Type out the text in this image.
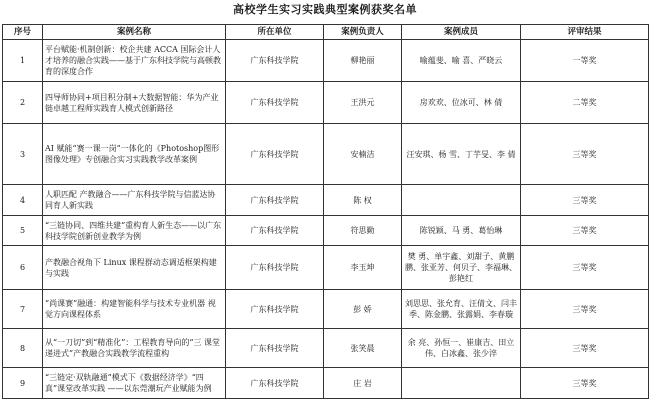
高校学生实习实践典型案例获奖名单
序号	案例名称	所在单位	案例负责人	案例成员	评审结果
1	平台赋能·机制创新：校企共建 ACCA 国际会计人才培养的融合实践——基于广东科技学院与高顿教育的深度合作	广东科技学院	柳艳丽	喻蕴斐、喻 喜、严晓云	一等奖
2	四导师协同+项目积分制+大数据智能：华为产业链卓越工程师实践育人模式创新路径	广东科技学院	王洪元	房欢欢、位冰可、林 倩	二等奖
3	AI 赋能“赛一课一岗”一体化的《Photoshop图形图像处理》专创融合实习实践教学改革案例	广东科技学院	安楠洁	汪安琪、杨 雪、丁芋旻、李 倩	三等奖
4	人职匹配 产教融合——广东科技学院与信蓝达协同育人新实践	广东科技学院	陈 权		三等奖
5	“三链协同、四维共建”重构育人新生态——以广东科技学院创新创业教学为例	广东科技学院	符思勤	陈锐颖、马 勇、葛怡琳	三等奖
6	产教融合视角下 Linux 课程群动态调适框架构建与实践	广东科技学院	李玉坤	樊 勇、单宇鑫、刘甜子、黄鹏鹏、张亚芳、何贝子、李福琳、彭艳红	三等奖
7	“尚课赛”融通：构建智能科学与技术专业机器 视觉方向课程体系	广东科技学院	彭 娇	刘思思、张允育、汪倩文、闫丰季、陈金鹏、张露娟、李春璇	三等奖
8	从“一刀切”到“精准化”：工程教育导向的“三 课堂递进式”产教融合实践教学流程重构	广东科技学院	张笑晨	余 亮、孙恒一、崔康吉、田立伟、白冰鑫、张少淬	三等奖
9	“三链定·双轨融通”模式下《数据经济学》“四真”课堂改革实践 ——以东莞潮玩产业赋能为例	广东科技学院	庄 岩		三等奖
